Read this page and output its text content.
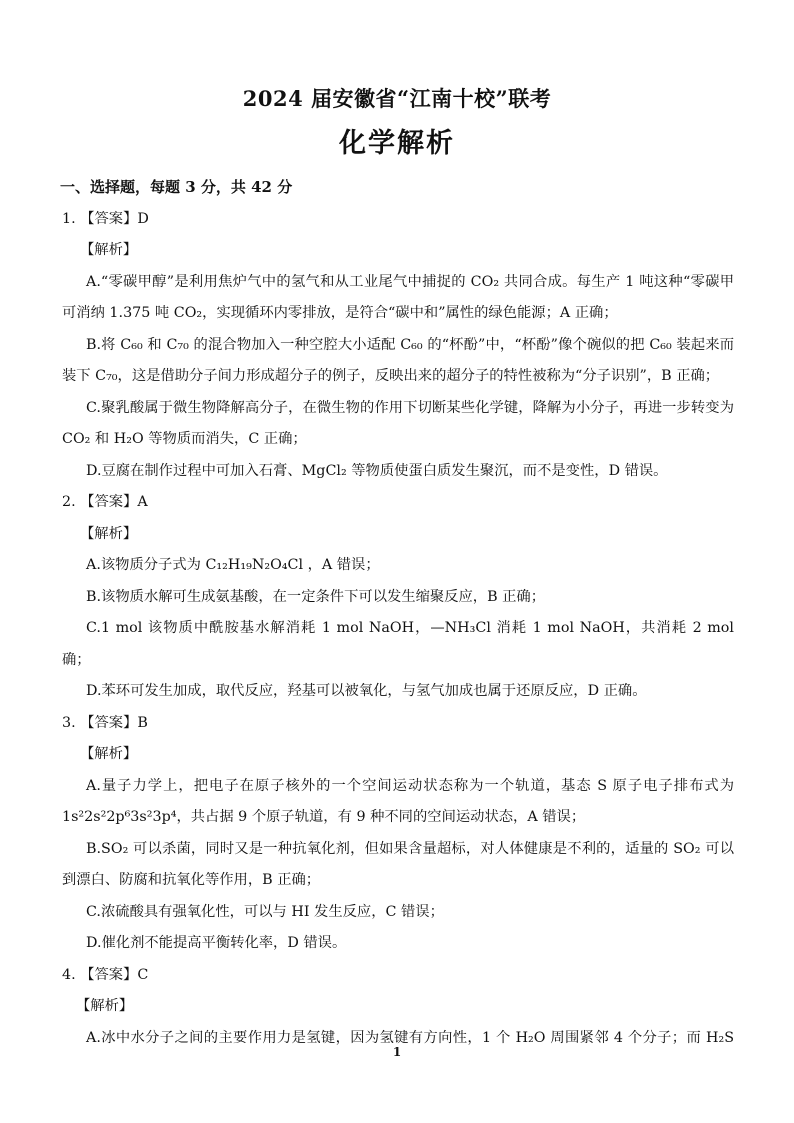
2024 届安徽省“江南十校”联考
化学解析
一、选择题，每题 3 分，共 42 分
1. 【答案】D
【解析】
A.“零碳甲醇”是利用焦炉气中的氢气和从工业尾气中捕捉的 CO₂ 共同合成。每生产 1 吨这种“零碳甲
可消纳 1.375 吨 CO₂，实现循环内零排放，是符合“碳中和”属性的绿色能源；A 正确；
B.将 C₆₀ 和 C₇₀ 的混合物加入一种空腔大小适配 C₆₀ 的“杯酚”中，“杯酚”像个碗似的把 C₆₀ 装起来而
装下 C₇₀，这是借助分子间力形成超分子的例子，反映出来的超分子的特性被称为“分子识别”，B 正确；
C.聚乳酸属于微生物降解高分子，在微生物的作用下切断某些化学键，降解为小分子，再进一步转变为
CO₂ 和 H₂O 等物质而消失，C 正确；
D.豆腐在制作过程中可加入石膏、MgCl₂ 等物质使蛋白质发生聚沉，而不是变性，D 错误。
2. 【答案】A
【解析】
A.该物质分子式为 C₁₂H₁₉N₂O₄Cl ，A 错误；
B.该物质水解可生成氨基酸，在一定条件下可以发生缩聚反应，B 正确；
C.1 mol 该物质中酰胺基水解消耗 1 mol NaOH，—NH₃Cl 消耗 1 mol NaOH，共消耗 2 mol
确；
D.苯环可发生加成，取代反应，羟基可以被氧化，与氢气加成也属于还原反应，D 正确。
3. 【答案】B
【解析】
A.量子力学上，把电子在原子核外的一个空间运动状态称为一个轨道，基态 S 原子电子排布式为
1s²2s²2p⁶3s²3p⁴，共占据 9 个原子轨道，有 9 种不同的空间运动状态，A 错误；
B.SO₂ 可以杀菌，同时又是一种抗氧化剂，但如果含量超标，对人体健康是不利的，适量的 SO₂ 可以
到漂白、防腐和抗氧化等作用，B 正确；
C.浓硫酸具有强氧化性，可以与 HI 发生反应，C 错误；
D.催化剂不能提高平衡转化率，D 错误。
4. 【答案】C
【解析】
A.冰中水分子之间的主要作用力是氢键，因为氢键有方向性，1 个 H₂O 周围紧邻 4 个分子；而 H₂S
1
